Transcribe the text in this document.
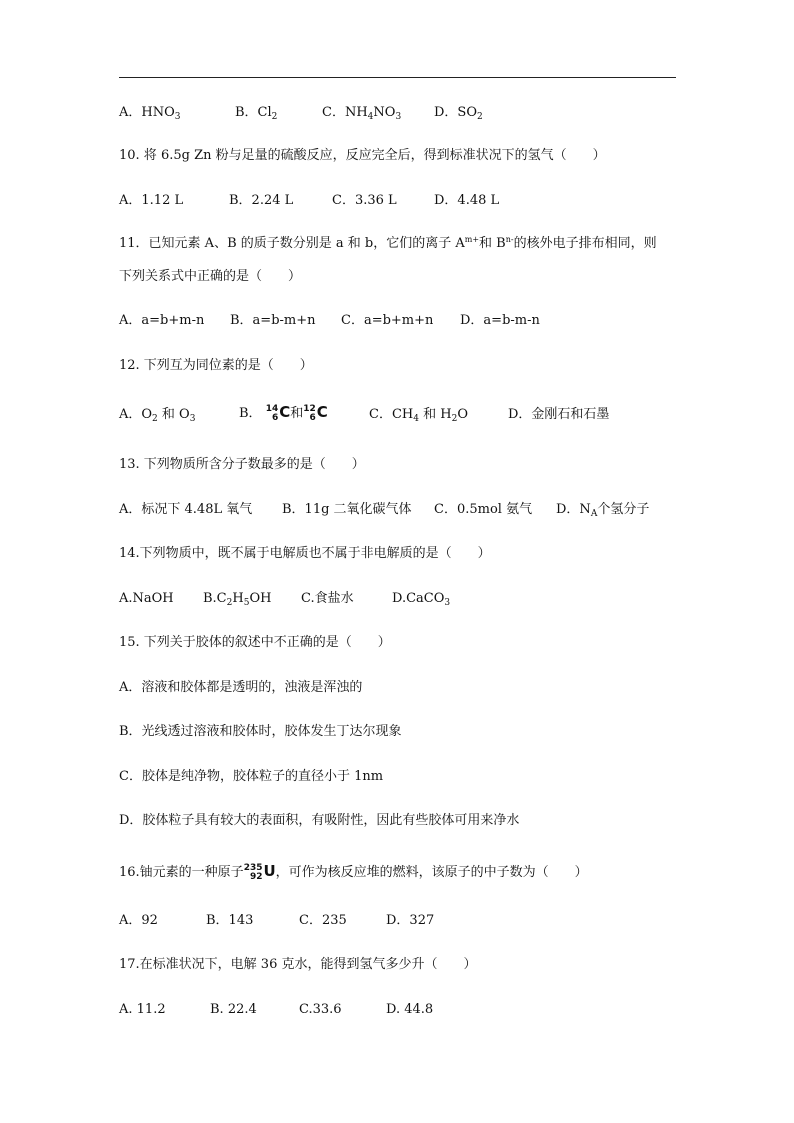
A．$HNO_3$	B．$Cl_2$	C．$NH_4NO_3$	D．$SO_2$
10. 将 6.5g Zn 粉与足量的硫酸反应，反应完全后，得到标准状况下的氢气（　　）
A．1.12 L	B．2.24 L	C．3.36 L	D．4.48 L
11．已知元素 A、B 的质子数分别是 a 和 b，它们的离子 $A^{m+}$和 $B^{n-}$的核外电子排布相同，则
下列关系式中正确的是（　　）
A．a=b+m-n B．a=b-m+n C．a=b+m+n D．a=b-m-n
12. 下列互为同位素的是（　　）
A．$O_2$ 和 $O_3$	B． 14
6 C和 12
6 C	C．$CH_4$ 和 $H_2O$	D．金刚石和石墨
13. 下列物质所含分子数最多的是（　　）
A．标况下 4.48L 氧气 B．11g 二氧化碳气体 C．0.5mol 氨气 D．$N_A$个氢分子
14.下列物质中，既不属于电解质也不属于非电解质的是（　　）
A.NaOH $B.C_2H_5OH$ C.食盐水	D.CaCO$_3$
15. 下列关于胶体的叙述中不正确的是（　　）
A．溶液和胶体都是透明的，浊液是浑浊的
B．光线透过溶液和胶体时，胶体发生丁达尔现象
C．胶体是纯净物，胶体粒子的直径小于 1nm
D．胶体粒子具有较大的表面积，有吸附性，因此有些胶体可用来净水
16.铀元素的一种原子 235
92 U，可作为核反应堆的燃料，该原子的中子数为（　　）
A．92	B．143	C．235	D．327
17.在标准状况下，电解 36 克水，能得到氢气多少升（　　）
A. 11.2	B. 22.4	C.33.6	D. 44.8
